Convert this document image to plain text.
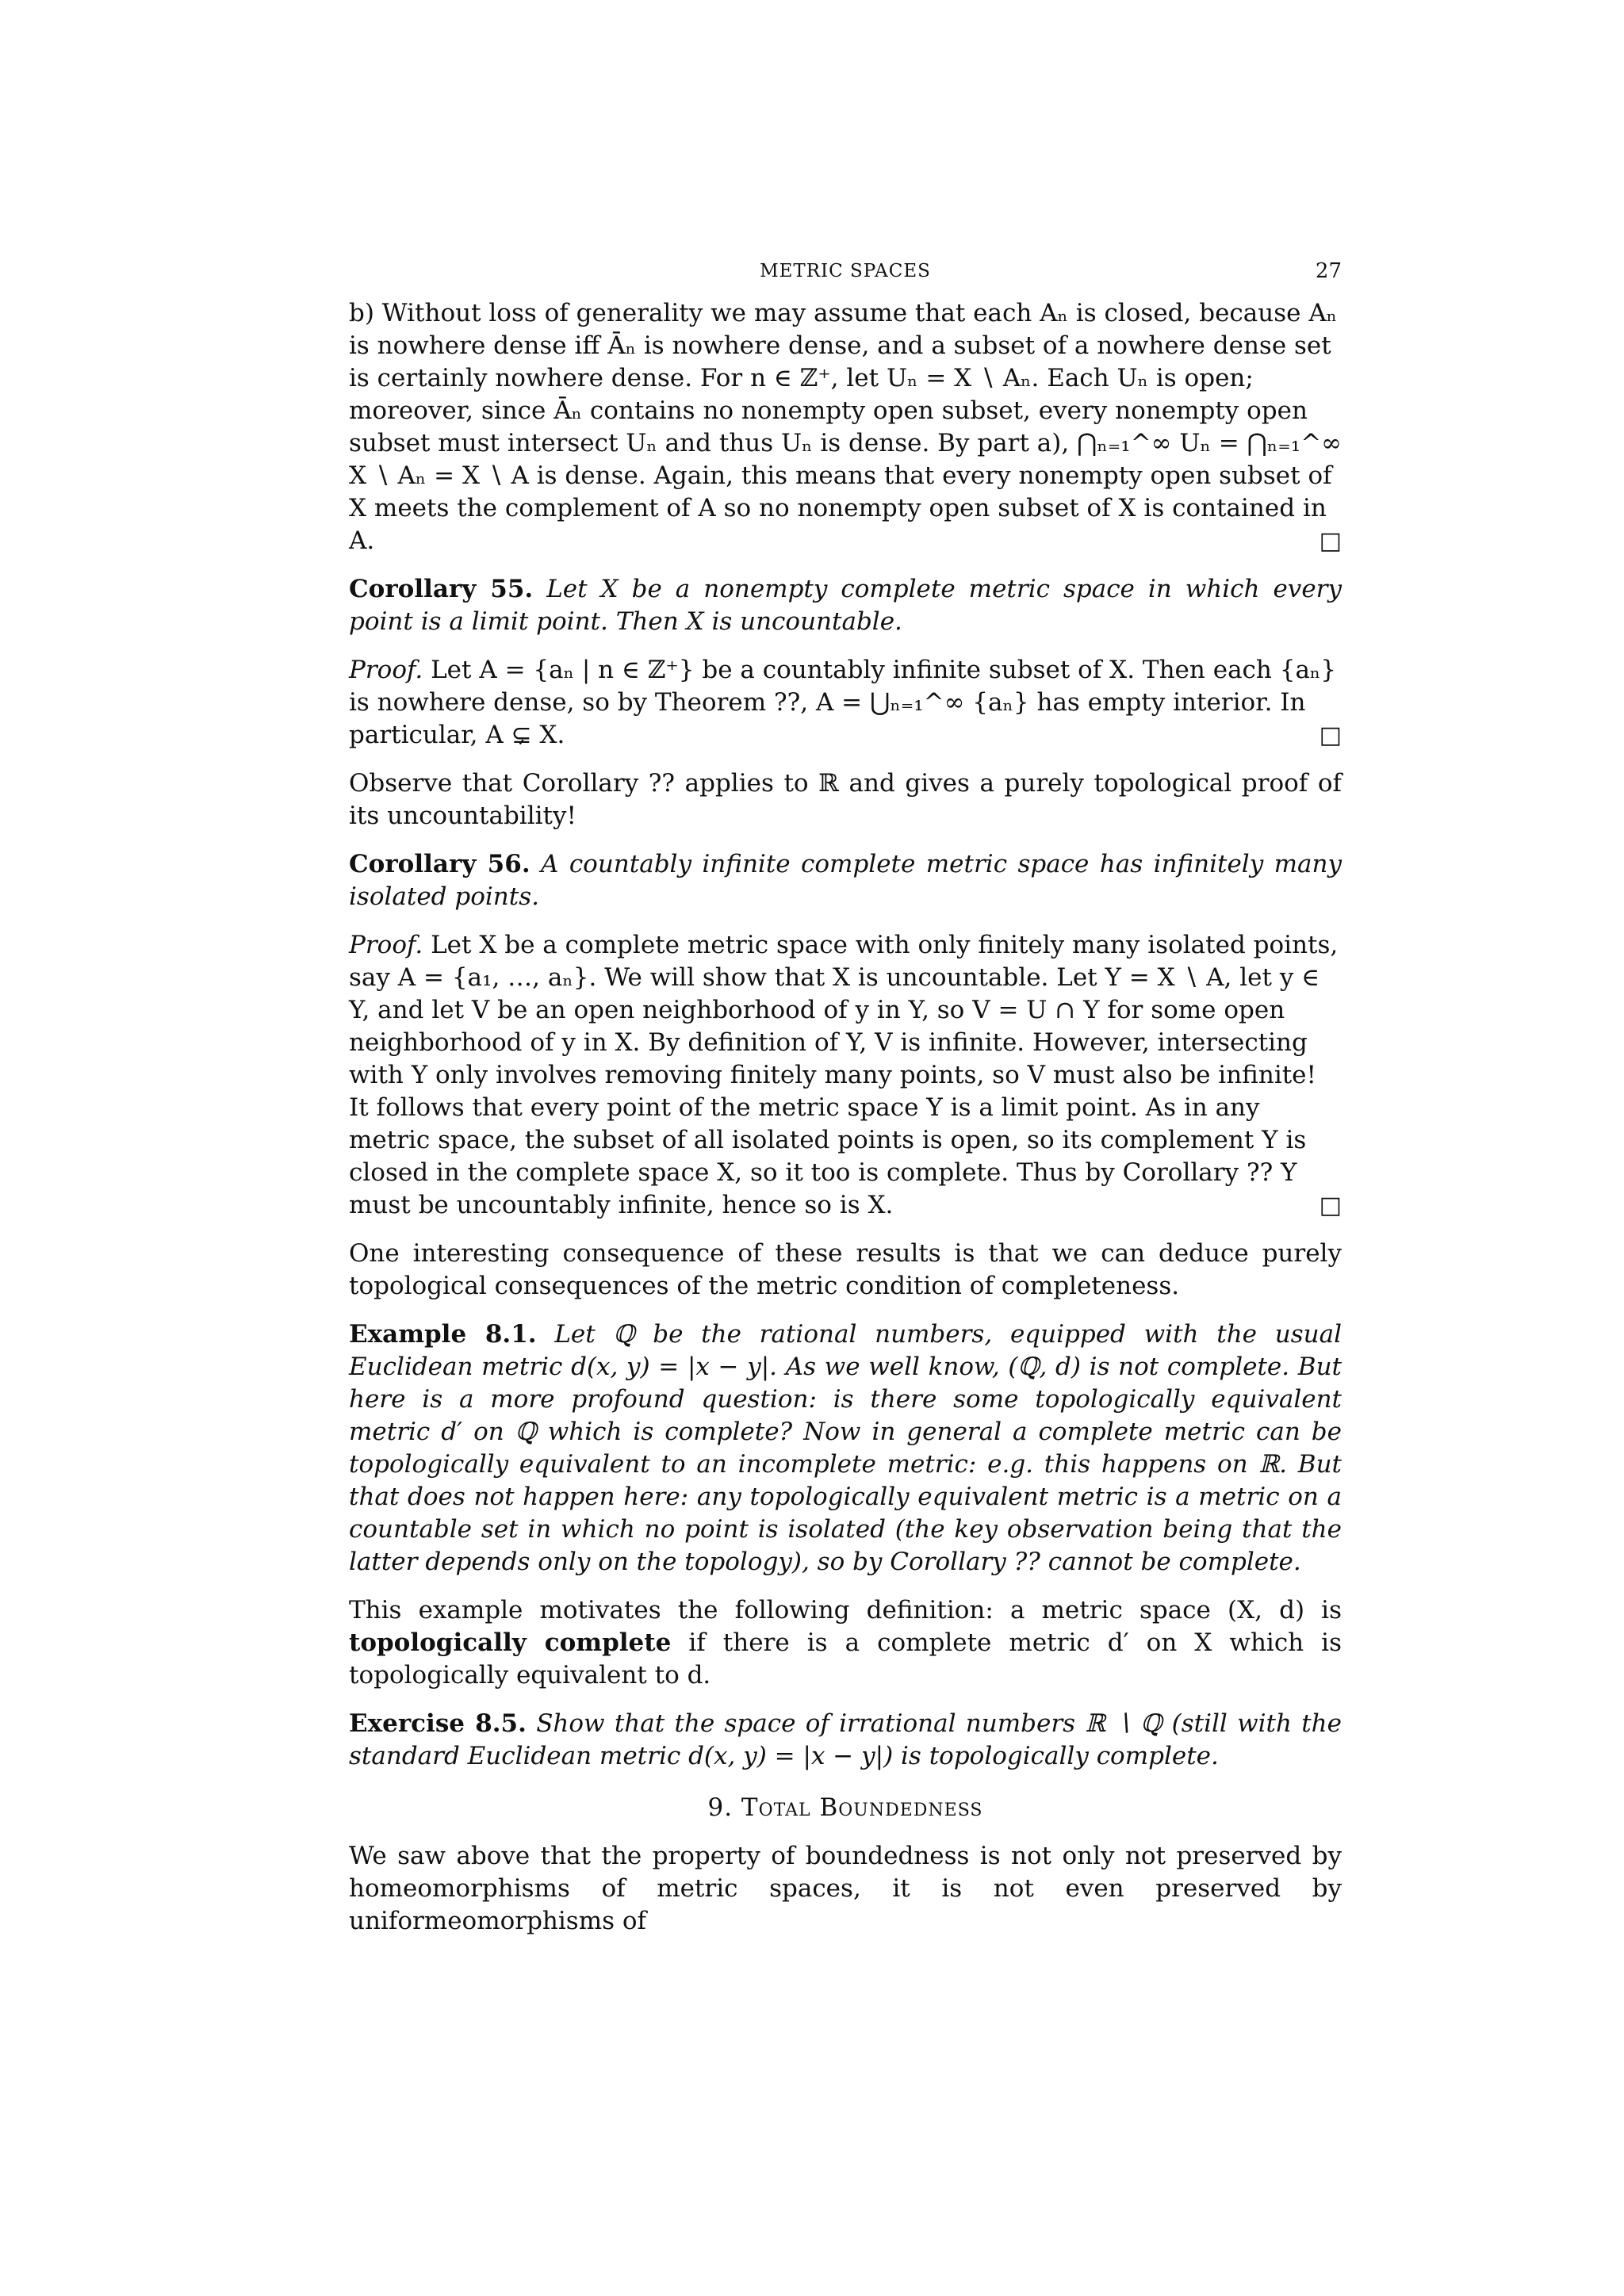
METRIC SPACES	27
b) Without loss of generality we may assume that each Aₙ is closed, because Aₙ is nowhere dense iff Āₙ is nowhere dense, and a subset of a nowhere dense set is certainly nowhere dense. For n ∈ ℤ⁺, let Uₙ = X ∖ Aₙ. Each Uₙ is open; moreover, since Āₙ contains no nonempty open subset, every nonempty open subset must intersect Uₙ and thus Uₙ is dense. By part a), ⋂ₙ₌₁^∞ Uₙ = ⋂ₙ₌₁^∞ X ∖ Aₙ = X ∖ A is dense. Again, this means that every nonempty open subset of X meets the complement of A so no nonempty open subset of X is contained in A.	□

Corollary 55. Let X be a nonempty complete metric space in which every point is a limit point. Then X is uncountable.

Proof. Let A = {aₙ | n ∈ ℤ⁺} be a countably infinite subset of X. Then each {aₙ} is nowhere dense, so by Theorem ??, A = ⋃ₙ₌₁^∞ {aₙ} has empty interior. In particular, A ⊊ X.	□

Observe that Corollary ?? applies to ℝ and gives a purely topological proof of its uncountability!

Corollary 56. A countably infinite complete metric space has infinitely many isolated points.

Proof. Let X be a complete metric space with only finitely many isolated points, say A = {a₁, …, aₙ}. We will show that X is uncountable. Let Y = X ∖ A, let y ∈ Y, and let V be an open neighborhood of y in Y, so V = U ∩ Y for some open neighborhood of y in X. By definition of Y, V is infinite. However, intersecting with Y only involves removing finitely many points, so V must also be infinite! It follows that every point of the metric space Y is a limit point. As in any metric space, the subset of all isolated points is open, so its complement Y is closed in the complete space X, so it too is complete. Thus by Corollary ?? Y must be uncountably infinite, hence so is X.	□

One interesting consequence of these results is that we can deduce purely topological consequences of the metric condition of completeness.

Example 8.1. Let ℚ be the rational numbers, equipped with the usual Euclidean metric d(x, y) = |x − y|. As we well know, (ℚ, d) is not complete. But here is a more profound question: is there some topologically equivalent metric d′ on ℚ which is complete? Now in general a complete metric can be topologically equivalent to an incomplete metric: e.g. this happens on ℝ. But that does not happen here: any topologically equivalent metric is a metric on a countable set in which no point is isolated (the key observation being that the latter depends only on the topology), so by Corollary ?? cannot be complete.

This example motivates the following definition: a metric space (X, d) is topologically complete if there is a complete metric d′ on X which is topologically equivalent to d.

Exercise 8.5. Show that the space of irrational numbers ℝ ∖ ℚ (still with the standard Euclidean metric d(x, y) = |x − y|) is topologically complete.

9. Total Boundedness

We saw above that the property of boundedness is not only not preserved by homeomorphisms of metric spaces, it is not even preserved by uniformeomorphisms of
